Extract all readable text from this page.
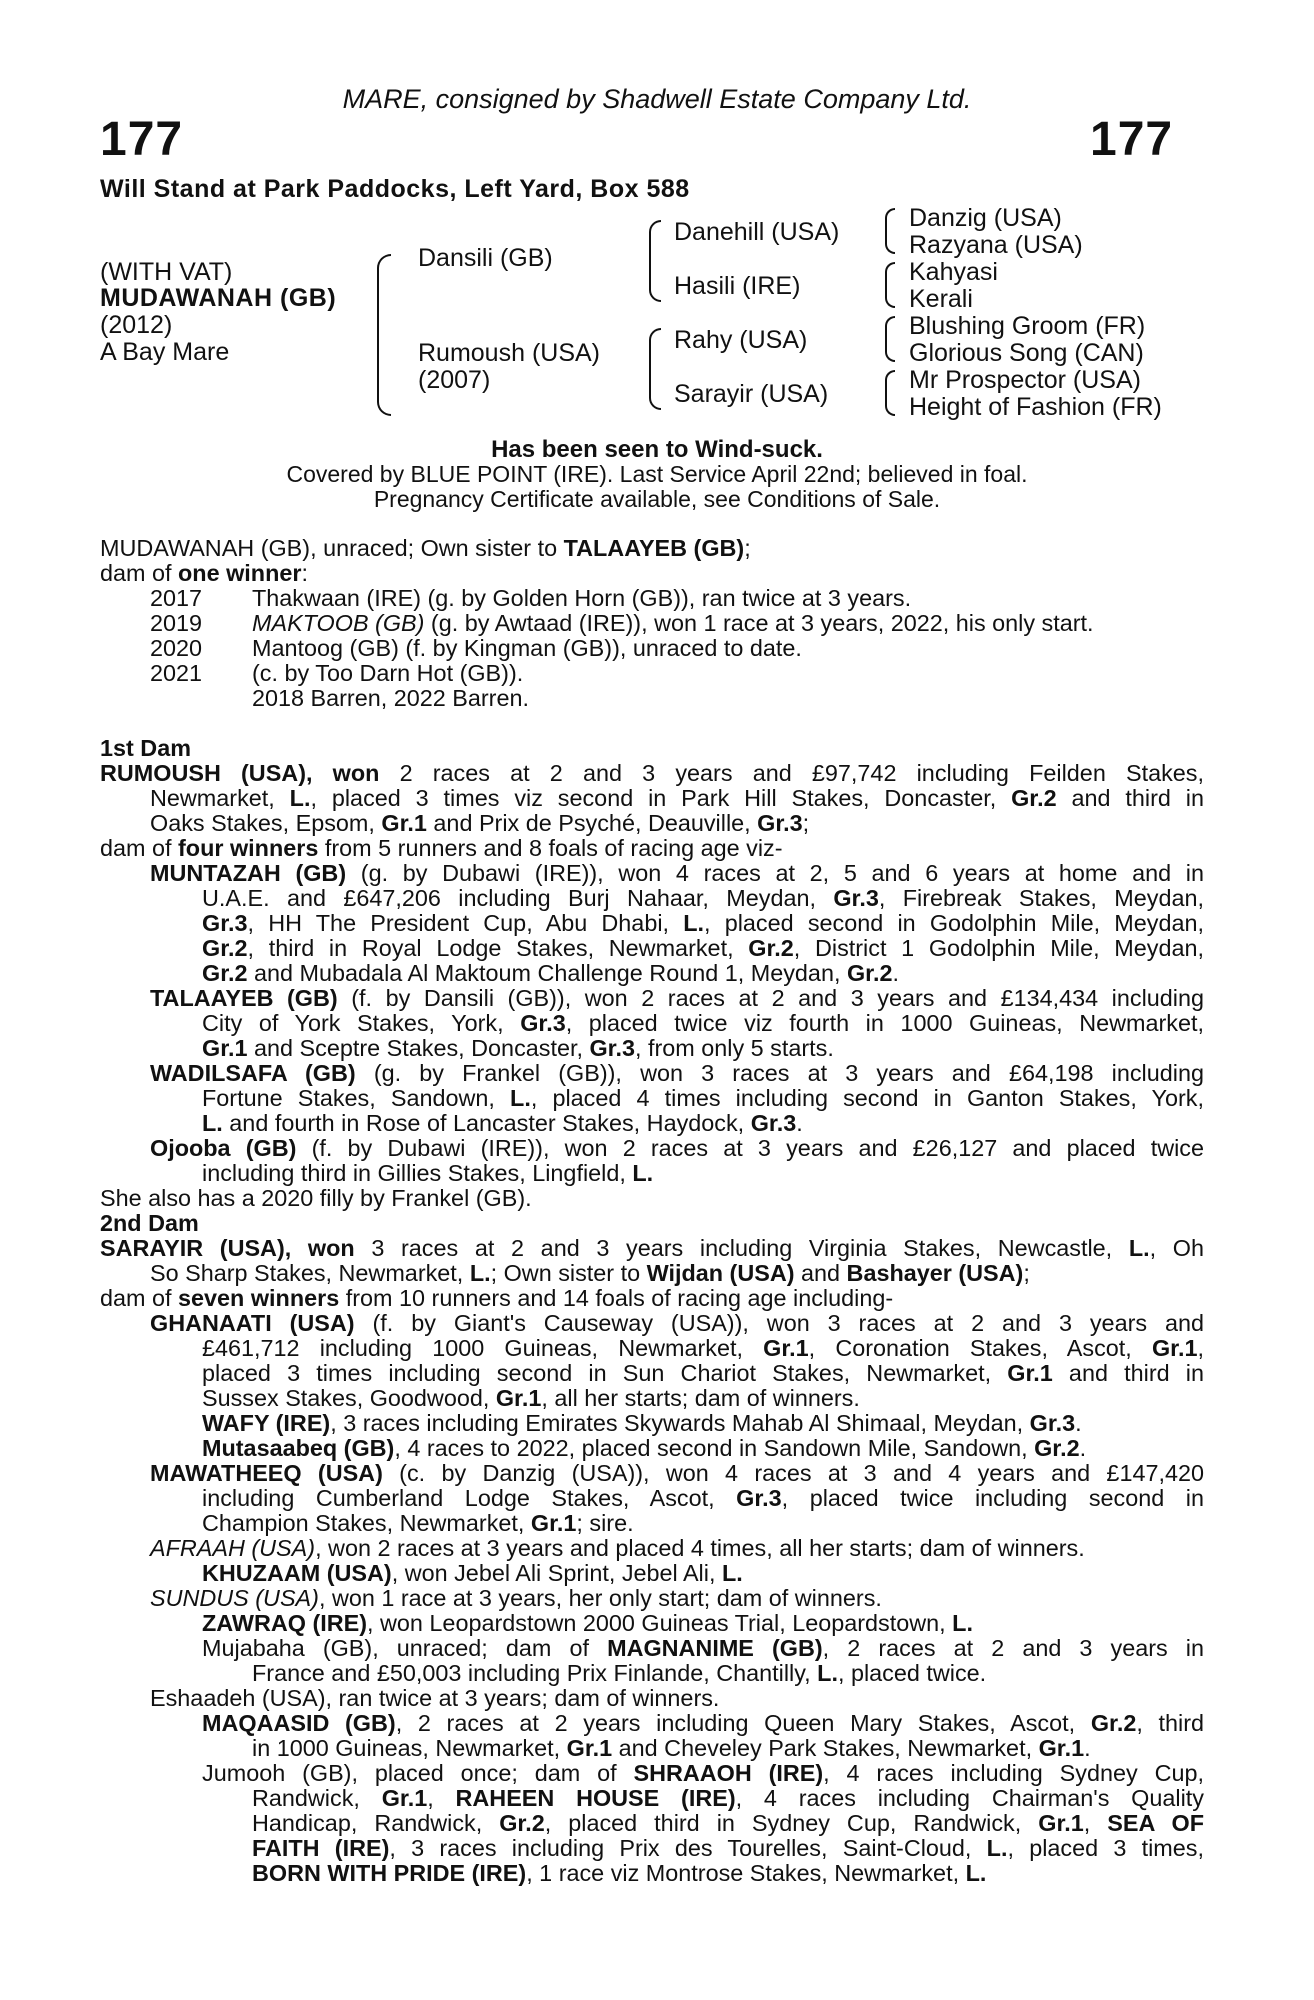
MARE, consigned by Shadwell Estate Company Ltd.
177	177
Will Stand at Park Paddocks, Left Yard, Box 588
(WITH VAT)
MUDAWANAH (GB)
(2012)
A Bay Mare
Dansili (GB)
Rumoush (USA)
(2007)
Danehill (USA)
Hasili (IRE)
Rahy (USA)
Sarayir (USA)
Danzig (USA)
Razyana (USA)
Kahyasi
Kerali
Blushing Groom (FR)
Glorious Song (CAN)
Mr Prospector (USA)
Height of Fashion (FR)
Has been seen to Wind-suck.
Covered by BLUE POINT (IRE). Last Service April 22nd; believed in foal.
Pregnancy Certificate available, see Conditions of Sale.
MUDAWANAH (GB), unraced; Own sister to TALAAYEB (GB);
dam of one winner:
2017 Thakwaan (IRE) (g. by Golden Horn (GB)), ran twice at 3 years.
2019 MAKTOOB (GB) (g. by Awtaad (IRE)), won 1 race at 3 years, 2022, his only start.
2020 Mantoog (GB) (f. by Kingman (GB)), unraced to date.
2021 (c. by Too Darn Hot (GB)).
2018 Barren, 2022 Barren.
1st Dam
RUMOUSH (USA), won 2 races at 2 and 3 years and £97,742 including Feilden Stakes,
Newmarket, L., placed 3 times viz second in Park Hill Stakes, Doncaster, Gr.2 and third in
Oaks Stakes, Epsom, Gr.1 and Prix de Psyché, Deauville, Gr.3;
dam of four winners from 5 runners and 8 foals of racing age viz-
MUNTAZAH (GB) (g. by Dubawi (IRE)), won 4 races at 2, 5 and 6 years at home and in
U.A.E. and £647,206 including Burj Nahaar, Meydan, Gr.3, Firebreak Stakes, Meydan,
Gr.3, HH The President Cup, Abu Dhabi, L., placed second in Godolphin Mile, Meydan,
Gr.2, third in Royal Lodge Stakes, Newmarket, Gr.2, District 1 Godolphin Mile, Meydan,
Gr.2 and Mubadala Al Maktoum Challenge Round 1, Meydan, Gr.2.
TALAAYEB (GB) (f. by Dansili (GB)), won 2 races at 2 and 3 years and £134,434 including
City of York Stakes, York, Gr.3, placed twice viz fourth in 1000 Guineas, Newmarket,
Gr.1 and Sceptre Stakes, Doncaster, Gr.3, from only 5 starts.
WADILSAFA (GB) (g. by Frankel (GB)), won 3 races at 3 years and £64,198 including
Fortune Stakes, Sandown, L., placed 4 times including second in Ganton Stakes, York,
L. and fourth in Rose of Lancaster Stakes, Haydock, Gr.3.
Ojooba (GB) (f. by Dubawi (IRE)), won 2 races at 3 years and £26,127 and placed twice
including third in Gillies Stakes, Lingfield, L.
She also has a 2020 filly by Frankel (GB).
2nd Dam
SARAYIR (USA), won 3 races at 2 and 3 years including Virginia Stakes, Newcastle, L., Oh
So Sharp Stakes, Newmarket, L.; Own sister to Wijdan (USA) and Bashayer (USA);
dam of seven winners from 10 runners and 14 foals of racing age including-
GHANAATI (USA) (f. by Giant's Causeway (USA)), won 3 races at 2 and 3 years and
£461,712 including 1000 Guineas, Newmarket, Gr.1, Coronation Stakes, Ascot, Gr.1,
placed 3 times including second in Sun Chariot Stakes, Newmarket, Gr.1 and third in
Sussex Stakes, Goodwood, Gr.1, all her starts; dam of winners.
WAFY (IRE), 3 races including Emirates Skywards Mahab Al Shimaal, Meydan, Gr.3.
Mutasaabeq (GB), 4 races to 2022, placed second in Sandown Mile, Sandown, Gr.2.
MAWATHEEQ (USA) (c. by Danzig (USA)), won 4 races at 3 and 4 years and £147,420
including Cumberland Lodge Stakes, Ascot, Gr.3, placed twice including second in
Champion Stakes, Newmarket, Gr.1; sire.
AFRAAH (USA), won 2 races at 3 years and placed 4 times, all her starts; dam of winners.
KHUZAAM (USA), won Jebel Ali Sprint, Jebel Ali, L.
SUNDUS (USA), won 1 race at 3 years, her only start; dam of winners.
ZAWRAQ (IRE), won Leopardstown 2000 Guineas Trial, Leopardstown, L.
Mujabaha (GB), unraced; dam of MAGNANIME (GB), 2 races at 2 and 3 years in
France and £50,003 including Prix Finlande, Chantilly, L., placed twice.
Eshaadeh (USA), ran twice at 3 years; dam of winners.
MAQAASID (GB), 2 races at 2 years including Queen Mary Stakes, Ascot, Gr.2, third
in 1000 Guineas, Newmarket, Gr.1 and Cheveley Park Stakes, Newmarket, Gr.1.
Jumooh (GB), placed once; dam of SHRAAOH (IRE), 4 races including Sydney Cup,
Randwick, Gr.1, RAHEEN HOUSE (IRE), 4 races including Chairman's Quality
Handicap, Randwick, Gr.2, placed third in Sydney Cup, Randwick, Gr.1, SEA OF
FAITH (IRE), 3 races including Prix des Tourelles, Saint-Cloud, L., placed 3 times,
BORN WITH PRIDE (IRE), 1 race viz Montrose Stakes, Newmarket, L.
